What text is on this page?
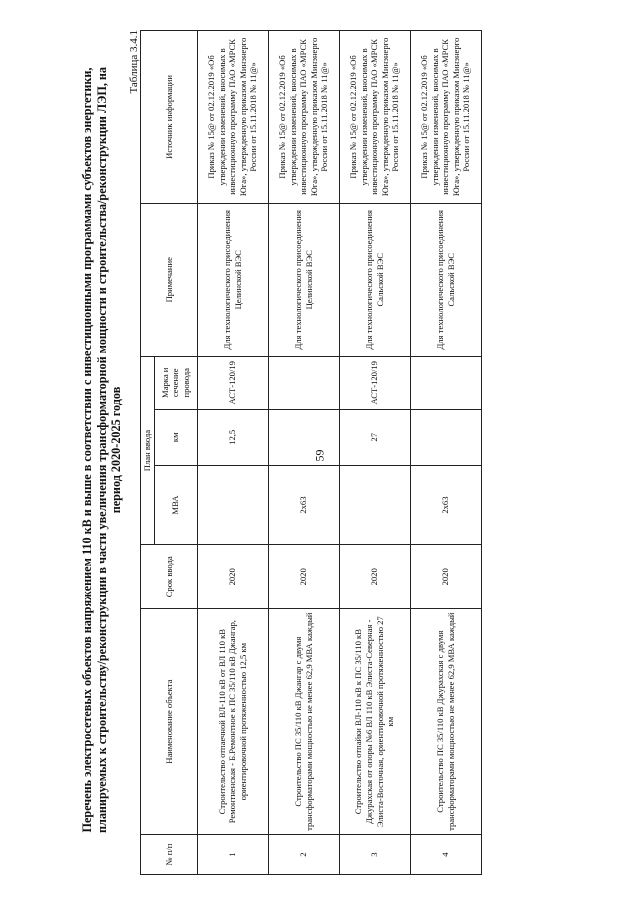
59
Перечень электросетевых объектов напряжением 110 кВ и выше в соответствии с инвестиционными программами субъектов энергетики, планируемых к строительству/реконструкции в части увеличения трансформаторной мощности и строительства/реконструкции ЛЭП, на период 2020-2025 годов
Таблица 3.4.1
№ п/п	Наименование объекта	Срок ввода	План ввода			Примечание	Источник информации
			МВА	км	Марка и сечение провода		
1	Строительство отпаечной ВЛ-110 кВ от ВЛ 110 кВ Ремонтненская - Б.Ремонтное к ПС 35/110 кВ Джангар, ориентировочной протяженностью 12,5 км	2020		12,5	АСТ-120/19	Для технологического присоединения Целинской ВЭС	Приказ № 15@ от 02.12.2019 «Об утверждении изменений, вносимых в инвестиционную программу ПАО «МРСК Юга», утвержденную приказом Минэнерго России от 15.11.2018 № 11@»
2	Строительство ПС 35/110 кВ Джангар с двумя трансформаторами мощностью не менее 62,9 МВА каждый	2020	2х63			Для технологического присоединения Целинской ВЭС	Приказ № 15@ от 02.12.2019 «Об утверждении изменений, вносимых в инвестиционную программу ПАО «МРСК Юга», утвержденную приказом Минэнерго России от 15.11.2018 № 11@»
3	Строительство отпайки ВЛ-110 кВ к ПС 35/110 кВ Джурахская от опоры №6 ВЛ 110 кВ Элиста-Северная - Элиста-Восточная, ориентировочной протяженностью 27 км	2020		27	АСТ-120/19	Для технологического присоединения Сальской ВЭС	Приказ № 15@ от 02.12.2019 «Об утверждении изменений, вносимых в инвестиционную программу ПАО «МРСК Юга», утвержденную приказом Минэнерго России от 15.11.2018 № 11@»
4	Строительство ПС 35/110 кВ Джурахская с двумя трансформаторами мощностью не менее 62,9 МВА каждый	2020	2х63			Для технологического присоединения Сальской ВЭС	Приказ № 15@ от 02.12.2019 «Об утверждении изменений, вносимых в инвестиционную программу ПАО «МРСК Юга», утвержденную приказом Минэнерго России от 15.11.2018 № 11@»
